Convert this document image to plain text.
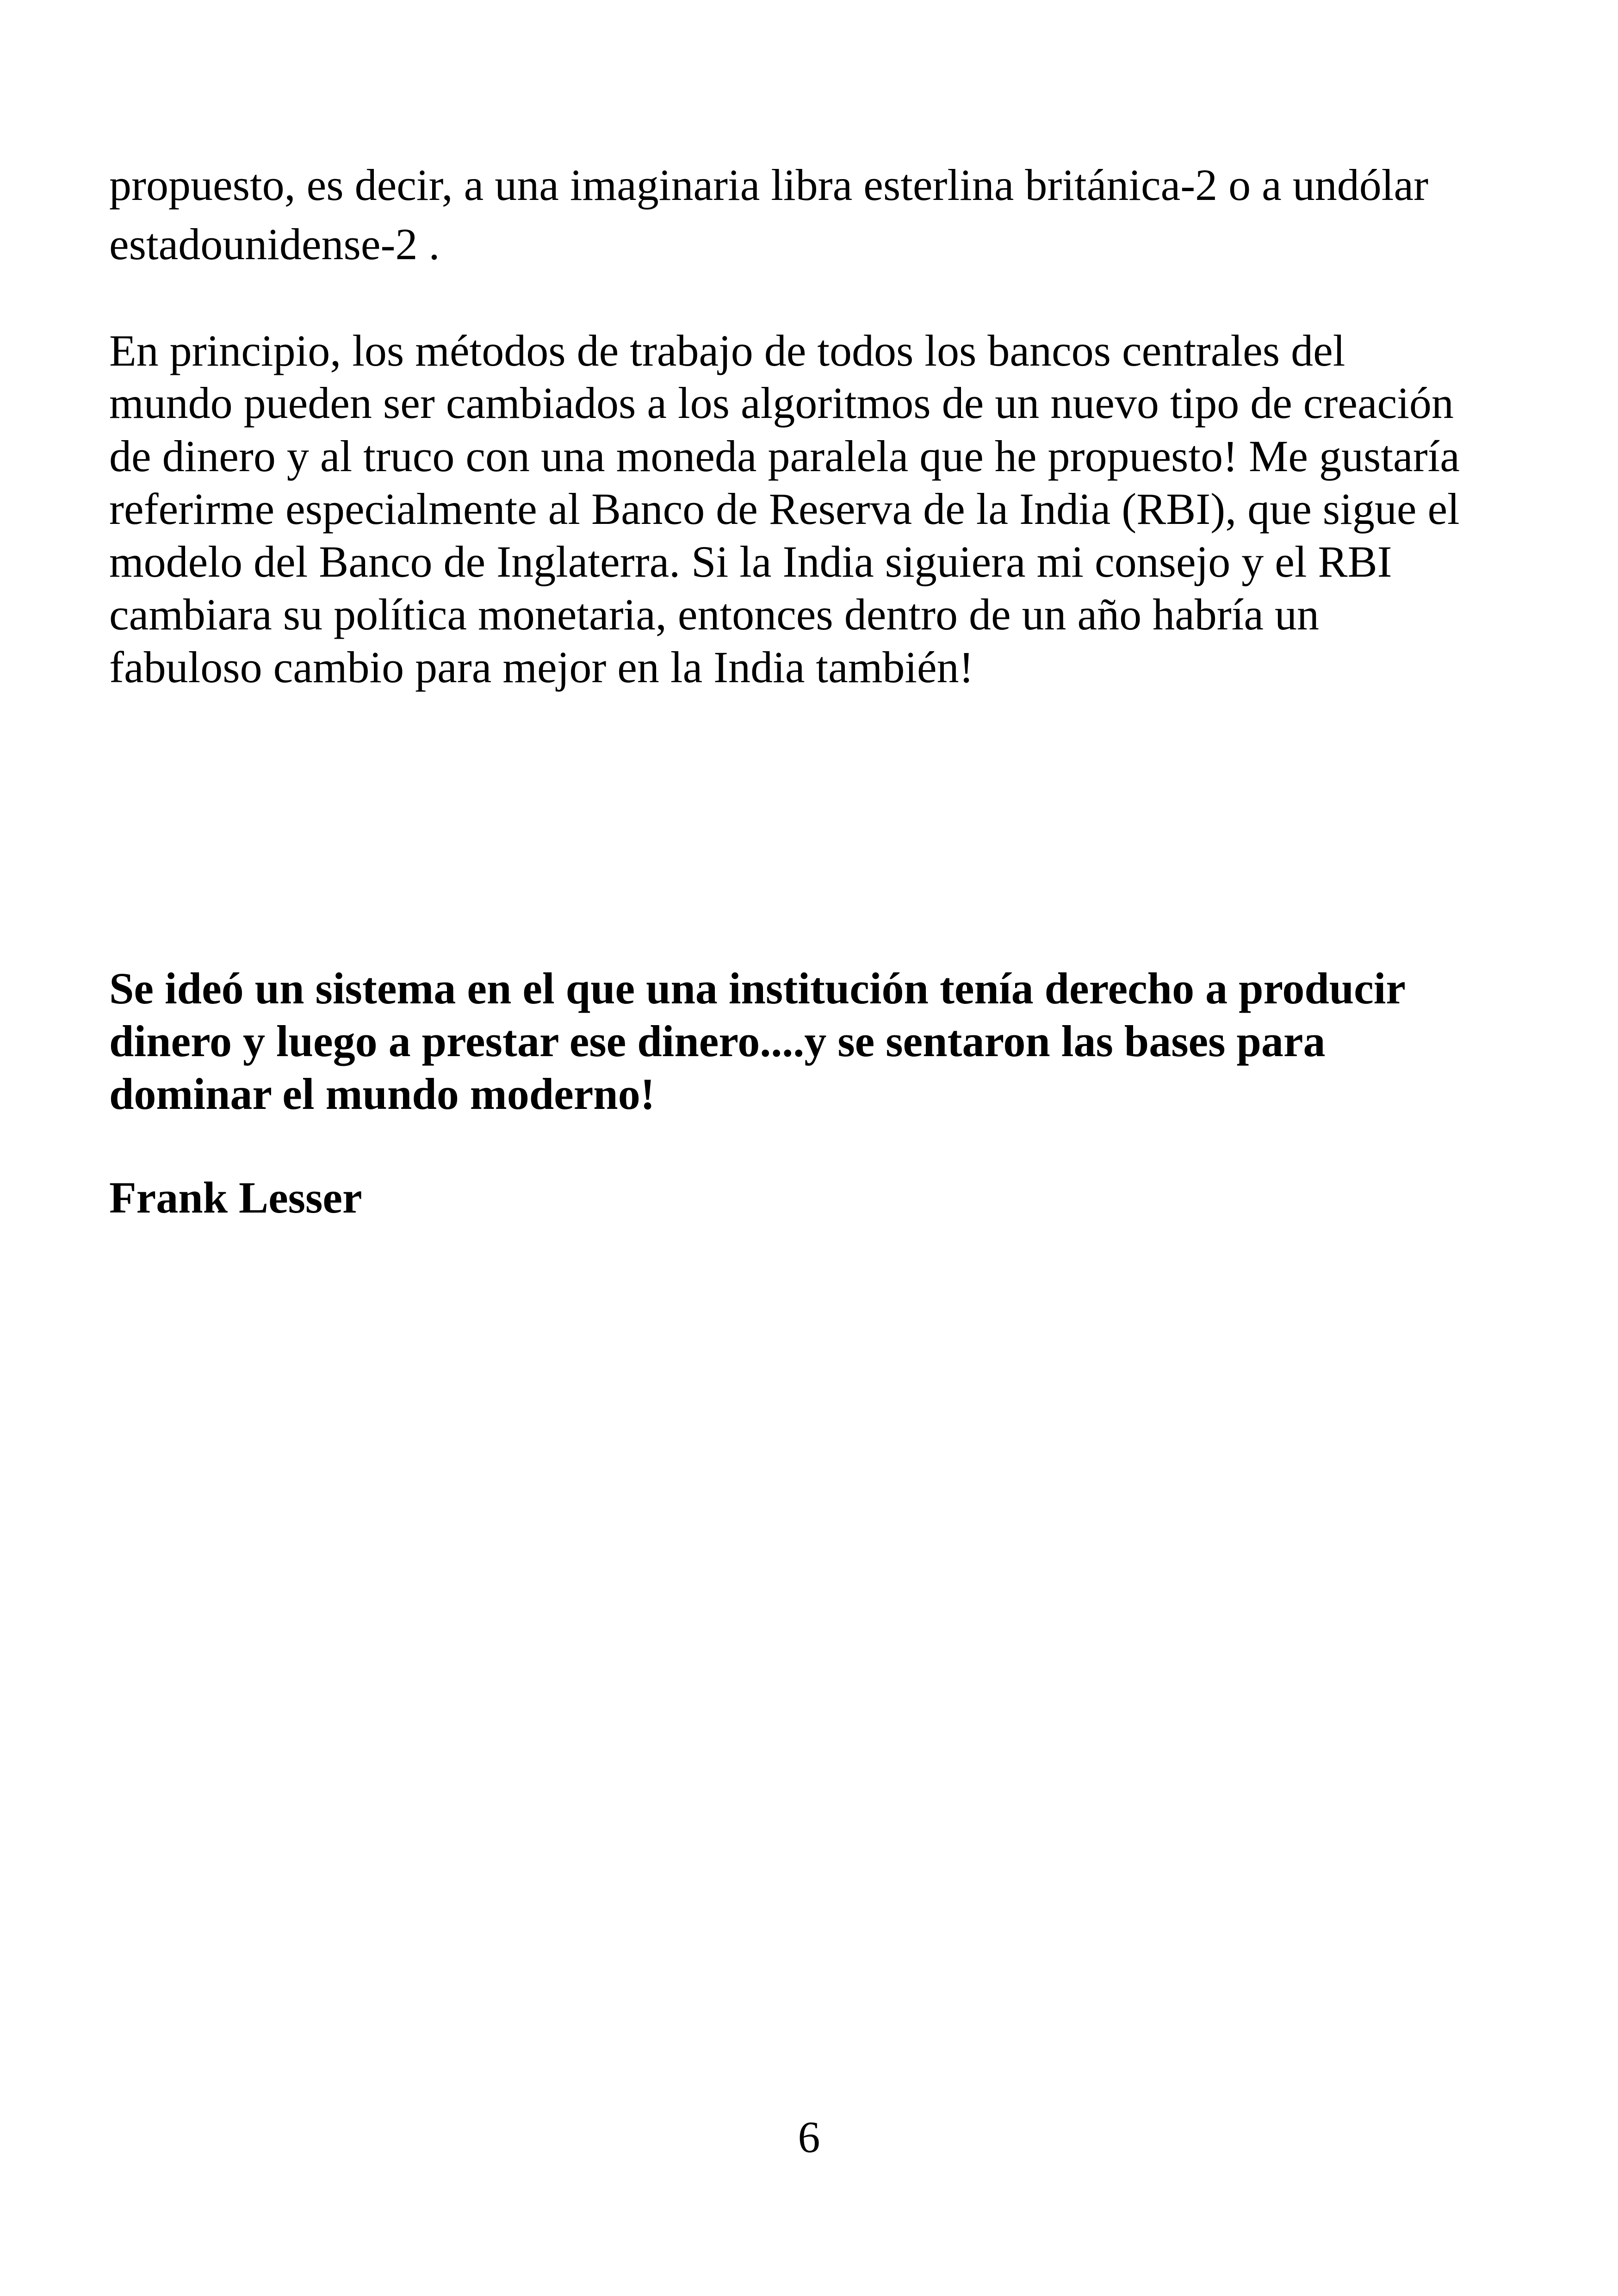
propuesto, es decir, a una imaginaria libra esterlina británica-2 o a undólar

estadounidense-2 .

En principio, los métodos de trabajo de todos los bancos centrales del

mundo pueden ser cambiados a los algoritmos de un nuevo tipo de creación

de dinero y al truco con una moneda paralela que he propuesto! Me gustaría

referirme especialmente al Banco de Reserva de la India (RBI), que sigue el

modelo del Banco de Inglaterra. Si la India siguiera mi consejo y el RBI

cambiara su política monetaria, entonces dentro de un año habría un

fabuloso cambio para mejor en la India también!

Se ideó un sistema en el que una institución tenía derecho a producir

dinero y luego a prestar ese dinero....y se sentaron las bases para

dominar el mundo moderno!

Frank Lesser

6
